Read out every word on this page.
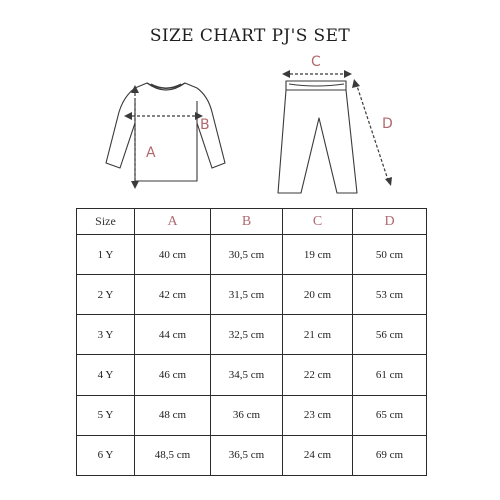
SIZE CHART PJ'S SET
A
B
C
D
Size	A	B	C	D
1 Y	40 cm	30,5 cm	19 cm	50 cm
2 Y	42 cm	31,5 cm	20 cm	53 cm
3 Y	44 cm	32,5 cm	21 cm	56 cm
4 Y	46 cm	34,5 cm	22 cm	61 cm
5 Y	48 cm	36 cm	23 cm	65 cm
6 Y	48,5 cm	36,5 cm	24 cm	69 cm
